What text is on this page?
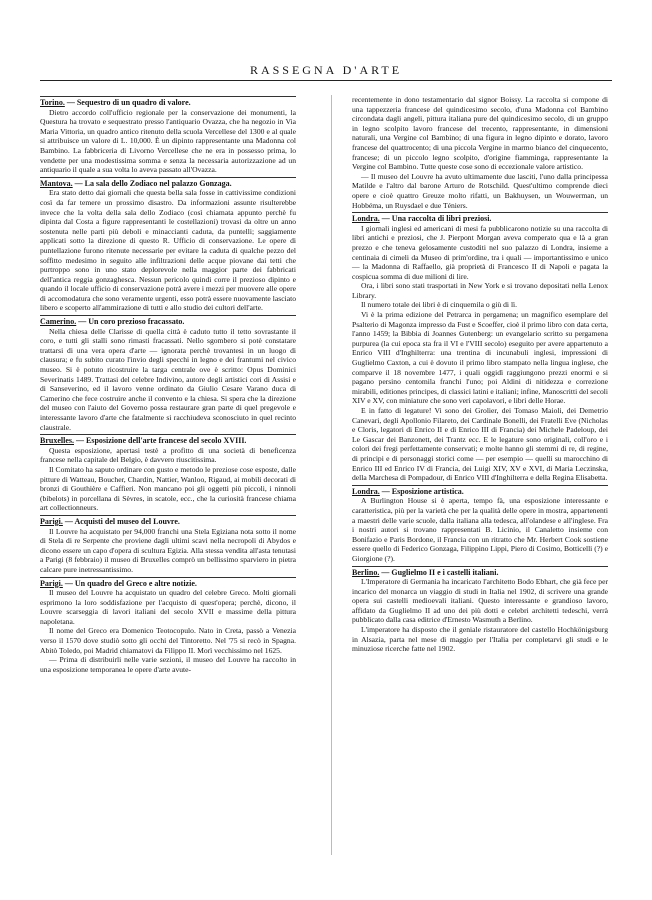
RASSEGNA D'ARTE
Torino. — Sequestro di un quadro di valore.

Dietro accordo coll'ufficio regionale per la conservazione dei monumenti, la Questura ha trovato e sequestrato presso l'antiquario Ovazza, che ha negozio in Via Maria Vittoria, un quadro antico ritenuto della scuola Vercellese del 1300 e al quale si attribuisce un valore di L. 10,000. È un dipinto rappresentante una Madonna col Bambino. La fabbriceria di Livorno Vercellese che ne era in possesso prima, lo vendette per una modestissima somma e senza la necessaria autorizzazione ad un antiquario il quale a sua volta lo aveva passato all'Ovazza.

Mantova. — La sala dello Zodiaco nel palazzo Gonzaga.

Era stato detto dai giornali che questa bella sala fosse in cattivissime condizioni così da far temere un prossimo disastro. Da informazioni assunte risulterebbe invece che la volta della sala dello Zodiaco (così chiamata appunto perchè fu dipinta dal Costa a figure rappresentanti le costellazioni) trovasi da oltre un anno sostenuta nelle parti più deboli e minaccianti caduta, da puntelli; saggiamente applicati sotto la direzione di questo R. Ufficio di conservazione. Le opere di puntellazione furono ritenute necessarie per evitare la caduta di qualche pezzo del soffitto medesimo in seguito alle infiltrazioni delle acque piovane dai tetti che purtroppo sono in uno stato deplorevole nella maggior parte dei fabbricati dell'antica reggia gonzaghesca. Nessun pericolo quindi corre il prezioso dipinto e quando il locale ufficio di conservazione potrà avere i mezzi per muovere alle opere di accomodatura che sono veramente urgenti, esso potrà essere nuovamente lasciato libero e scoperto all'ammirazione di tutti e allo studio dei cultori dell'arte.

Camerino. — Un coro prezioso fracassato.

Nella chiesa delle Clarisse di quella città è caduto tutto il tetto sovrastante il coro, e tutti gli stalli sono rimasti fracassati. Nello sgombero si potè constatare trattarsi di una vera opera d'arte — ignorata perchè trovantesi in un luogo di clausura; e fu subito curato l'invio degli specchi in legno e dei frantumi nel civico museo. Si è potuto ricostruire la targa centrale ove è scritto: Opus Dominici Severinatis 1489. Trattasi del celebre Indivino, autore degli artistici cori di Assisi e di Sanseverino, ed il lavoro venne ordinato da Giulio Cesare Varano duca di Camerino che fece costruire anche il convento e la chiesa. Si spera che la direzione del museo con l'aiuto del Governo possa restaurare gran parte di quel pregevole e interessante lavoro d'arte che fatalmente si racchiudeva sconosciuto in quel recinto claustrale.

Bruxelles. — Esposizione dell'arte francese del secolo XVIII.

Questa esposizione, apertasi testè a profitto di una società di beneficenza francese nella capitale del Belgio, è davvero riuscitissima.

Il Comitato ha saputo ordinare con gusto e metodo le preziose cose esposte, dalle pitture di Watteau, Boucher, Chardin, Nattier, Wanloo, Rigaud, ai mobili decorati di bronzi di Gouthière e Caffieri. Non mancano poi gli oggetti più piccoli, i ninnoli (bibelots) in porcellana di Sèvres, in scatole, ecc., che la curiosità francese chiama art collectionneurs.

Parigi. — Acquisti del museo del Louvre.

Il Louvre ha acquistato per 94,000 franchi una Stela Egiziana nota sotto il nome di Stela di re Serpente che proviene dagli ultimi scavi nella necropoli di Abydos e dicono essere un capo d'opera di scultura Egizia. Alla stessa vendita all'asta tenutasi a Parigi (8 febbraio) il museo di Bruxelles comprò un bellissimo sparviero in pietra calcare pure inetressantissimo.

Parigi. — Un quadro del Greco e altre notizie.

Il museo del Louvre ha acquistato un quadro del celebre Greco. Molti giornali esprimono la loro soddisfazione per l'acquisto di quest'opera; perchè, dicono, il Louvre scarseggia di lavori italiani del secolo XVII e massime della pittura napoletana.

Il nome del Greco era Domenico Teotocopulo. Nato in Creta, passò a Venezia verso il 1570 dove studiò sotto gli occhi del Tintoretto. Nel '75 si recò in Spagna. Abitò Toledo, poi Madrid chiamatovi da Filippo II. Morì vecchissimo nel 1625.

— Prima di distribuirli nelle varie sezioni, il museo del Louvre ha raccolto in una esposizione temporanea le opere d'arte avute-

recentemente in dono testamentario dal signor Boissy. La raccolta si compone di una tappezzeria francese del quindicesimo secolo, d'una Madonna col Bambino circondata dagli angeli, pittura italiana pure del quindicesimo secolo, di un gruppo in legno scolpito lavoro francese del trecento, rappresentante, in dimensioni naturali, una Vergine col Bambino; di una figura in legno dipinto e dorato, lavoro francese del quattrocento; di una piccola Vergine in marmo bianco del cinquecento, francese; di un piccolo legno scolpito, d'origine fiamminga, rappresentante la Vergine col Bambino. Tutte queste cose sono di eccezionale valore artistico.

— Il museo del Louvre ha avuto ultimamente due lasciti, l'uno dalla principessa Matilde e l'altro dal barone Arturo de Rotschild. Quest'ultimo comprende dieci opere e cioè quattro Greuze molto rifatti, un Bakhuysen, un Wouwerman, un Hobbéma, un Ruysdael e due Téniers.

Londra. — Una raccolta di libri preziosi.

I giornali inglesi ed americani di mesi fa pubblicarono notizie su una raccolta di libri antichi e preziosi, che J. Pierpont Morgan aveva comperato qua e là a gran prezzo e che teneva gelosamente custoditi nel suo palazzo di Londra, insieme a centinaia di cimeli da Museo di prim'ordine, tra i quali — importantissimo e unico — la Madonna di Raffaello, già proprietà di Francesco II di Napoli e pagata la cospicua somma di due milioni di lire.

Ora, i libri sono stati trasportati in New York e si trovano depositati nella Lenox Library.

Il numero totale dei libri è di cinquemila o giù di lì.

Vi è la prima edizione del Petrarca in pergamena; un magnifico esemplare del Psalterio di Magonza impresso da Fust e Scoeffer, cioè il primo libro con data certa, l'anno 1459; la Bibbia di Joannes Gutenberg: un evangelario scritto su pergamena purpurea (la cui epoca sta fra il VI e l'VIII secolo) eseguito per avere appartenuto a Enrico VIII d'Inghilterra: una trentina di incunabuli inglesi, impressioni di Guglielmo Caxton, a cui è dovuto il primo libro stampato nella lingua inglese, che comparve il 18 novembre 1477, i quali oggidì raggiungono prezzi enormi e si pagano persino centomila franchi l'uno; poi Aldini di nitidezza e correzione mirabili, editiones principes, di classici latini e italiani; infine, Manoscritti del secoli XIV e XV, con miniature che sono veri capolavori, e libri delle Horae.

E in fatto di legature! Vi sono dei Grolier, dei Tomaso Maioli, dei Demetrio Canevari, degli Apollonio Filareto, dei Cardinale Bonelli, dei Fratelli Eve (Nicholas e Cloris, legatori di Enrico II e di Enrico III di Francia) dei Michele Padeloup, dei Le Gascar dei Banzonett, dei Trantz ecc. E le legature sono originali, coll'oro e i colori dei fregi perfettamente conservati; e molte hanno gli stemmi di re, di regine, di principi e di personaggi storici come — per esempio — quelli su marocchino di Enrico III ed Enrico IV di Francia, dei Luigi XIV, XV e XVI, di Maria Leczinska, della Marchesa di Pompadour, di Enrico VIII d'Inghilterra e della Regina Elisabetta.

Londra. — Esposizione artistica.

A Burlington House si è aperta, tempo fà, una esposizione interessante e caratteristica, più per la varietà che per la qualità delle opere in mostra, appartenenti a maestri delle varie scuole, dalla italiana alla tedesca, all'olandese e all'inglese. Fra i nostri autori si trovano rappresentati B. Licinio, il Canaletto insieme con Bonifazio e Paris Bordone, il Francia con un ritratto che Mr. Herbert Cook sostiene essere quello di Federico Gonzaga, Filippino Lippi, Piero di Cosimo, Botticelli (?) e Giorgione (?).

Berlino. — Guglielmo II e i castelli italiani.

L'Imperatore di Germania ha incaricato l'architetto Bodo Ebhart, che già fece per incarico del monarca un viaggio di studi in Italia nel 1902, di scrivere una grande opera sui castelli medioevali italiani. Questo interessante e grandioso lavoro, affidato da Guglielmo II ad uno dei più dotti e celebri architetti tedeschi, verrà pubblicato dalla casa editrice d'Ernesto Wasmuth a Berlino.

L'imperatore ha disposto che il geniale ristauratore del castello Hochkönigsburg in Alsazia, parta nel mese di maggio per l'Italia per completarvi gli studi e le minuziose ricerche fatte nel 1902.
